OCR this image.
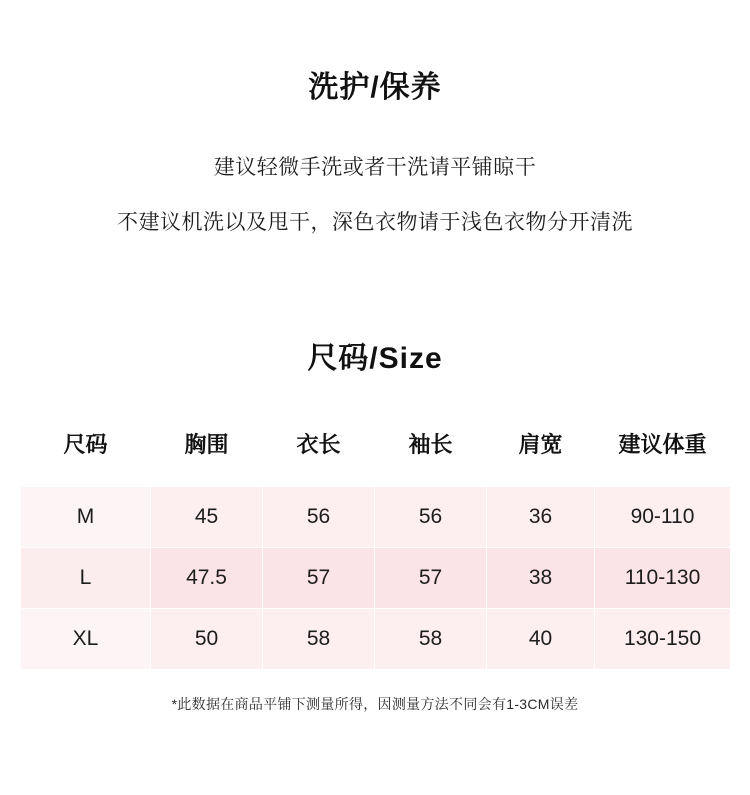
洗护/保养
建议轻微手洗或者干洗请平铺晾干
不建议机洗以及甩干，深色衣物请于浅色衣物分开清洗
尺码/Size
尺码	胸围	衣长	袖长	肩宽	建议体重
M	45	56	56	36	90-110
L	47.5	57	57	38	110-130
XL	50	58	58	40	130-150
*此数据在商品平铺下测量所得，因测量方法不同会有1-3CM误差
